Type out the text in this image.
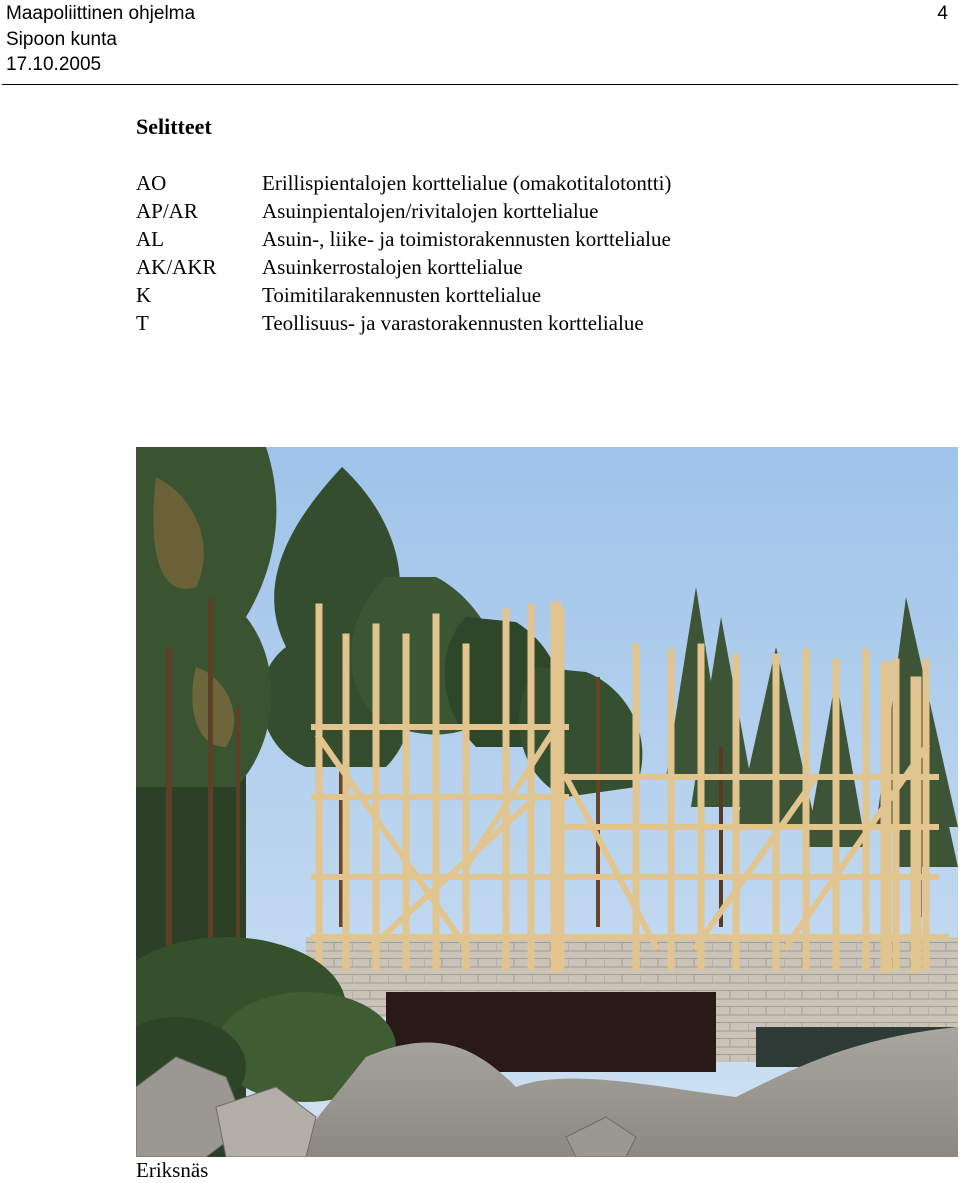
Maapoliittinen ohjelma
Sipoon kunta
17.10.2005
4
Selitteet
AO	Erillispientalojen korttelialue (omakotitalotontti)
AP/AR	Asuinpientalojen/rivitalojen korttelialue
AL	Asuin-, liike- ja toimistorakennusten korttelialue
AK/AKR Asuinkerrostalojen korttelialue
K	Toimitilarakennusten korttelialue
T	Teollisuus- ja varastorakennusten korttelialue
Eriksnäs
